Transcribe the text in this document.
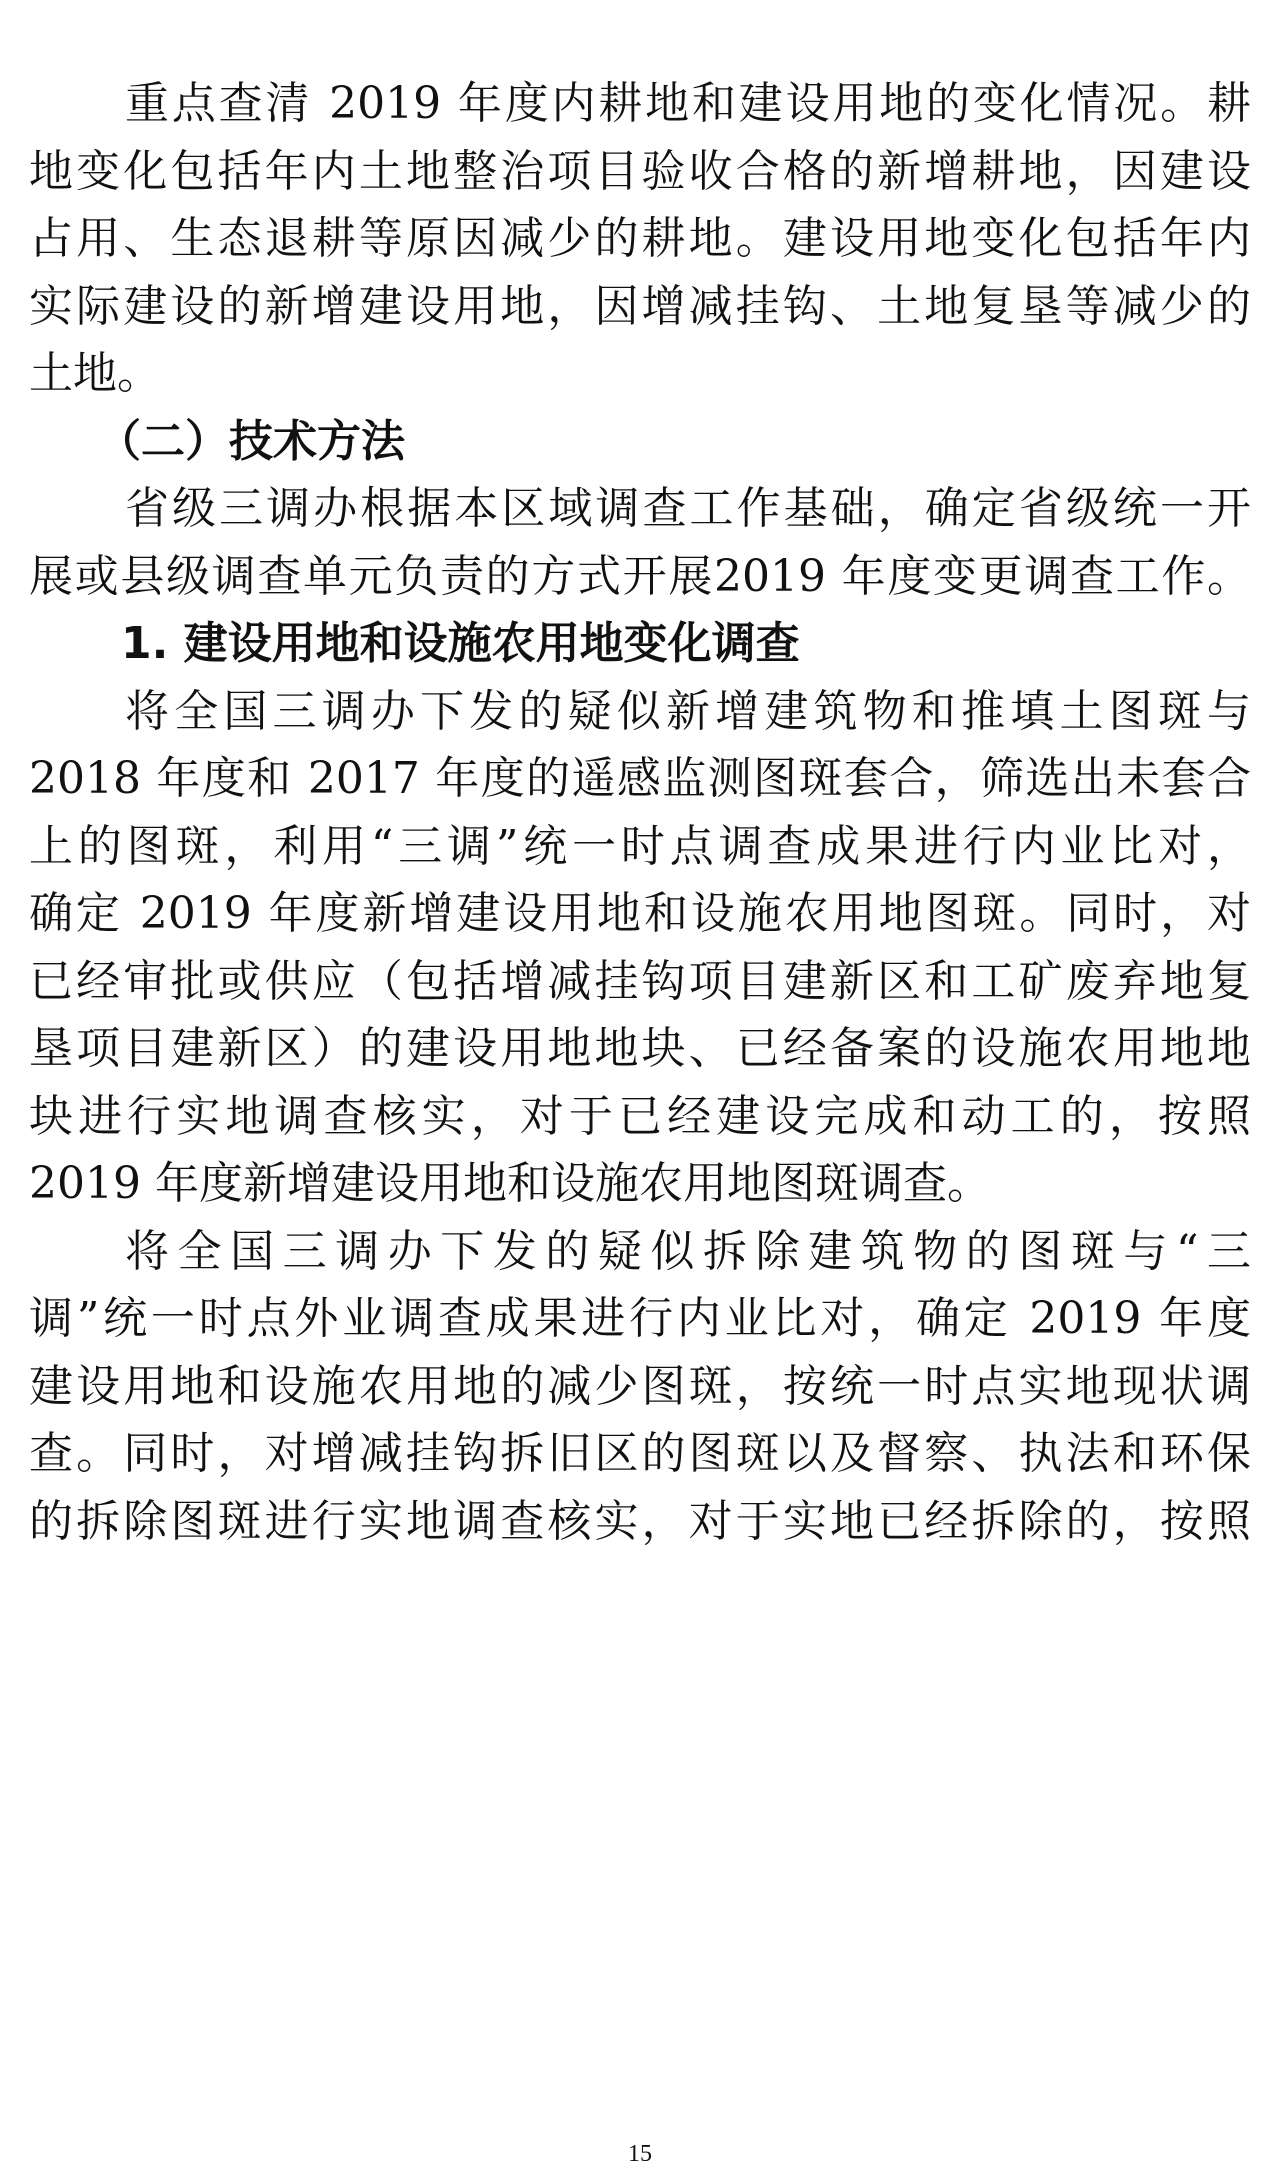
重点查清 2019 年度内耕地和建设用地的变化情况。耕
地变化包括年内土地整治项目验收合格的新增耕地，因建设
占用、生态退耕等原因减少的耕地。建设用地变化包括年内
实际建设的新增建设用地，因增减挂钩、土地复垦等减少的
土地。
（二）技术方法
省级三调办根据本区域调查工作基础，确定省级统一开
展或县级调查单元负责的方式开展2019 年度变更调查工作。
1. 建设用地和设施农用地变化调查
将全国三调办下发的疑似新增建筑物和推填土图斑与
2018 年度和 2017 年度的遥感监测图斑套合，筛选出未套合
上的图斑，利用“三调”统一时点调查成果进行内业比对，
确定 2019 年度新增建设用地和设施农用地图斑。同时，对
已经审批或供应（包括增减挂钩项目建新区和工矿废弃地复
垦项目建新区）的建设用地地块、已经备案的设施农用地地
块进行实地调查核实，对于已经建设完成和动工的，按照
2019 年度新增建设用地和设施农用地图斑调查。
将全国三调办下发的疑似拆除建筑物的图斑与“三
调”统一时点外业调查成果进行内业比对，确定 2019 年度
建设用地和设施农用地的减少图斑，按统一时点实地现状调
查。同时，对增减挂钩拆旧区的图斑以及督察、执法和环保
的拆除图斑进行实地调查核实，对于实地已经拆除的，按照
15
